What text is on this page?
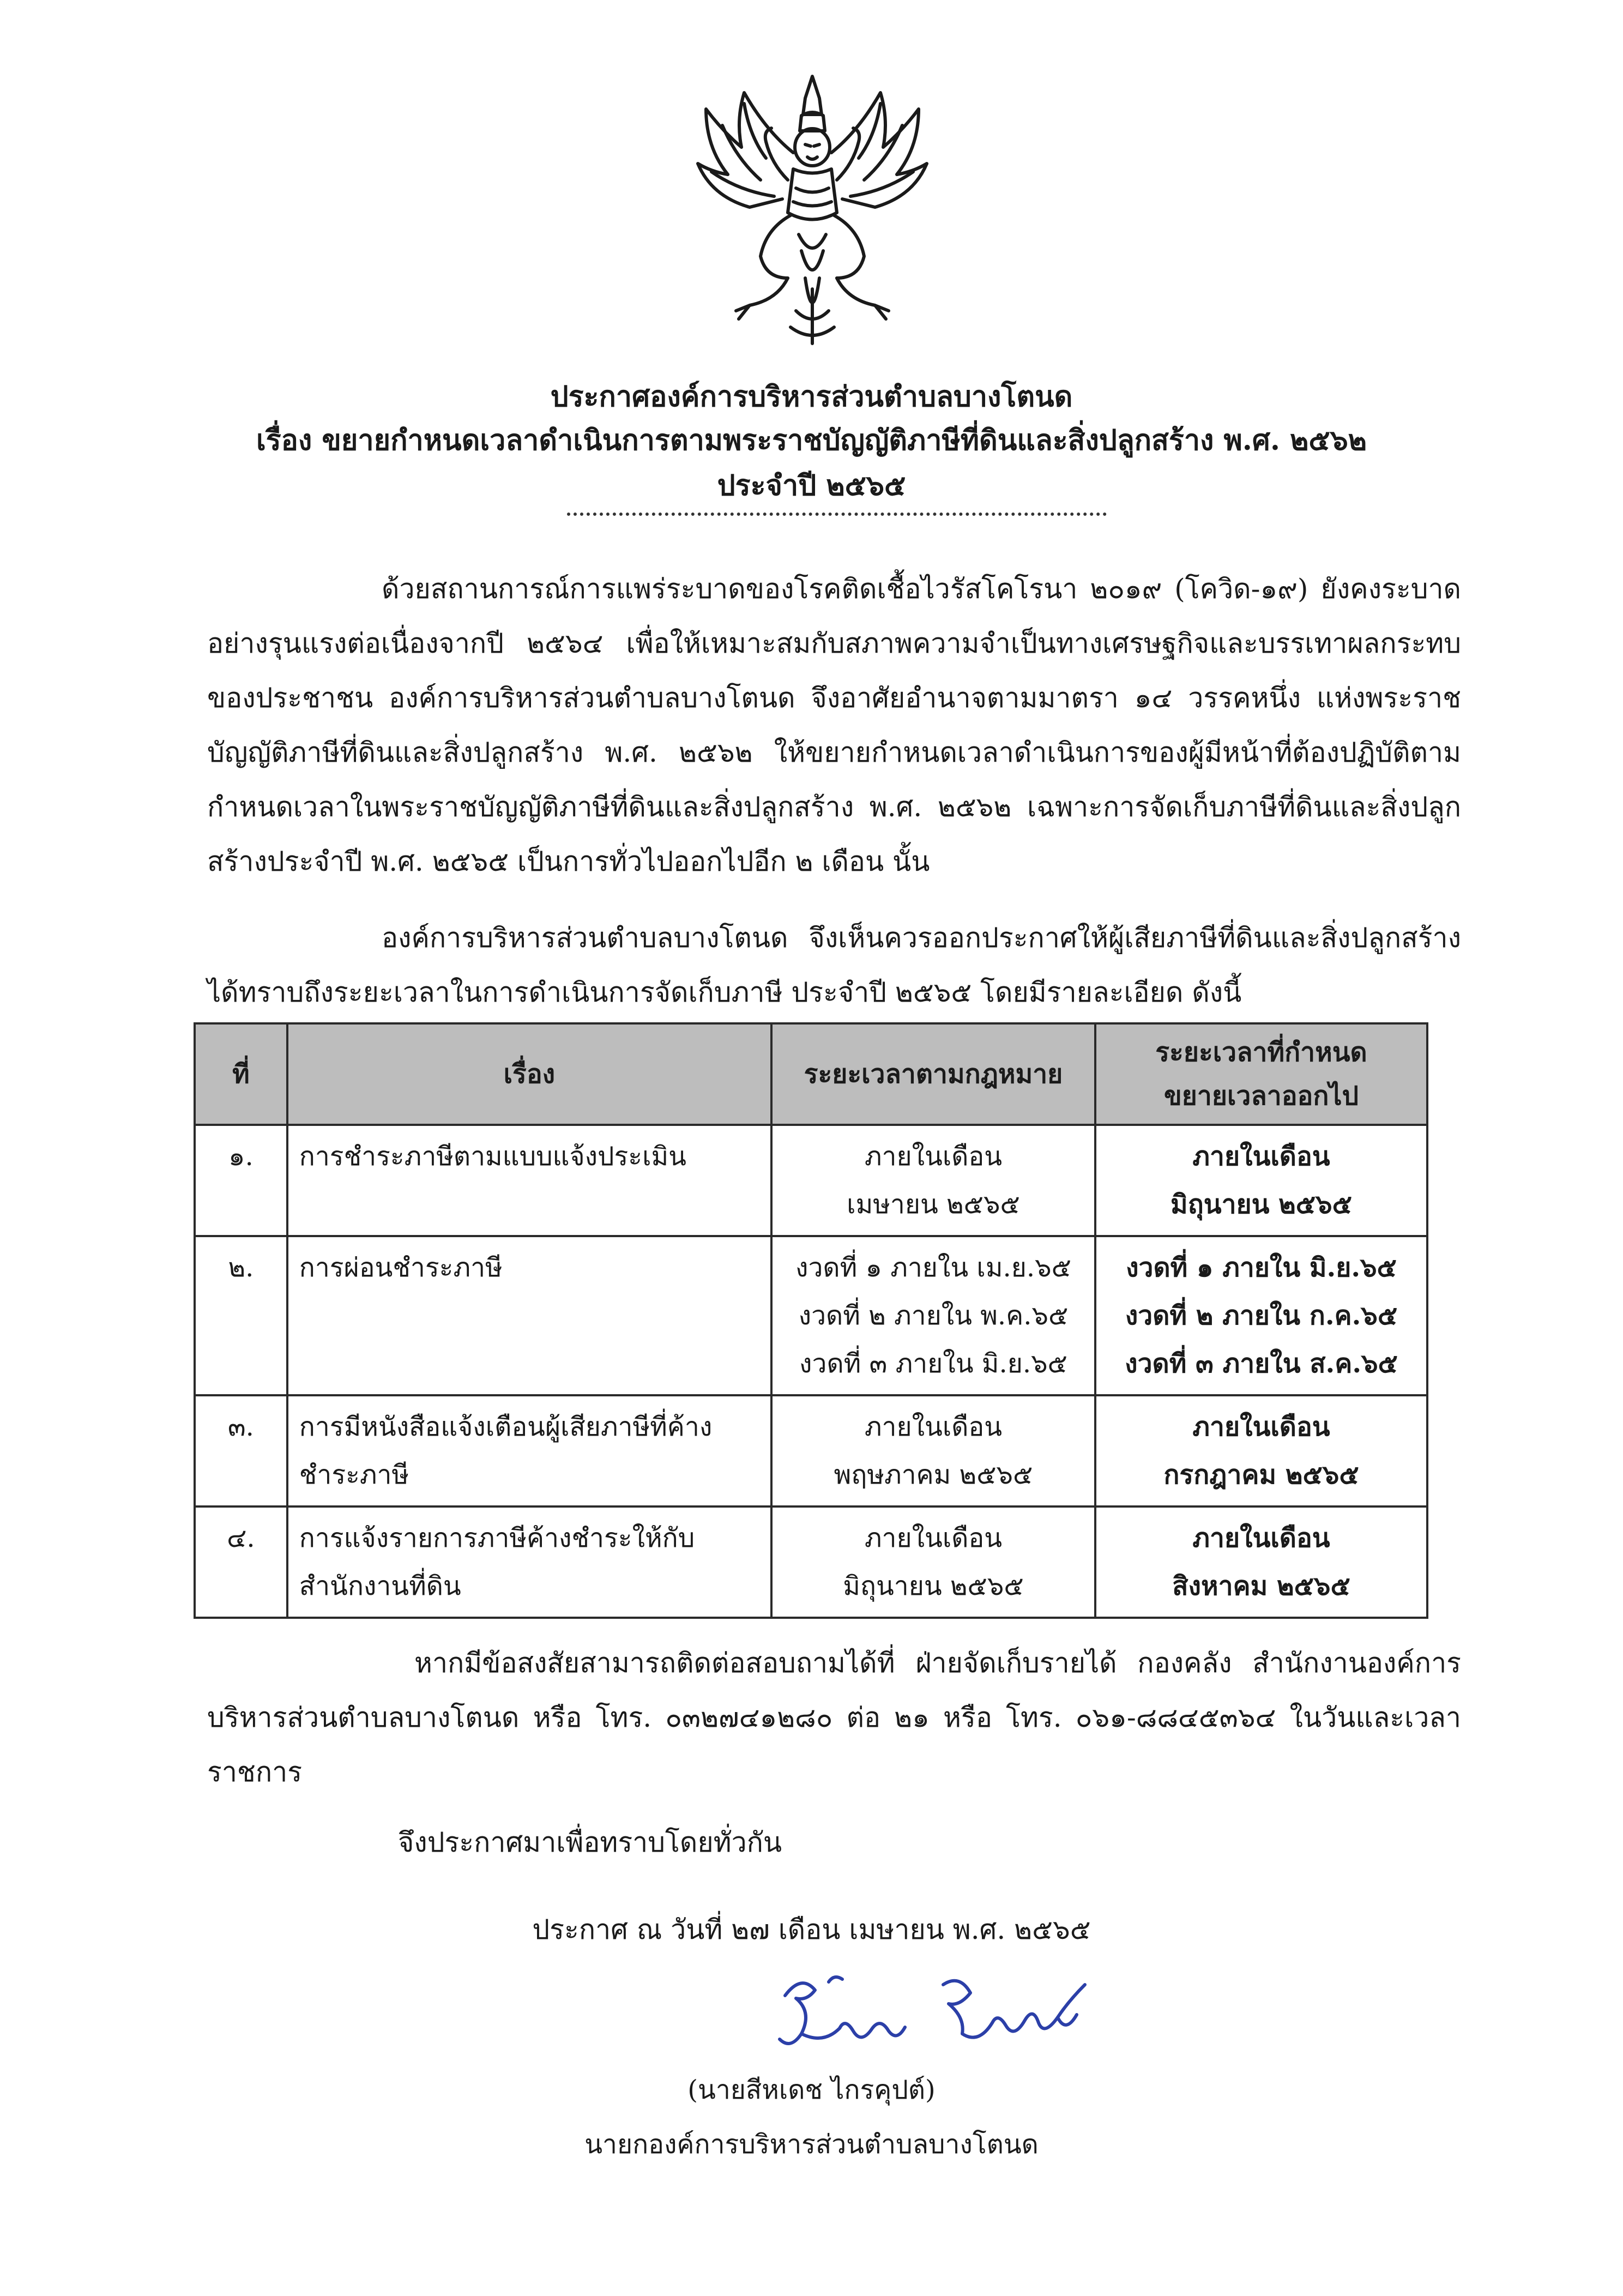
ประกาศองค์การบริหารส่วนตำบลบางโตนด
เรื่อง ขยายกำหนดเวลาดำเนินการตามพระราชบัญญัติภาษีที่ดินและสิ่งปลูกสร้าง พ.ศ. ๒๕๖๒
ประจำปี ๒๕๖๕
ด้วยสถานการณ์การแพร่ระบาดของโรคติดเชื้อไวรัสโคโรนา ๒๐๑๙ (โควิด-๑๙) ยังคงระบาดอย่างรุนแรงต่อเนื่องจากปี ๒๕๖๔ เพื่อให้เหมาะสมกับสภาพความจำเป็นทางเศรษฐกิจและบรรเทาผลกระทบของประชาชน องค์การบริหารส่วนตำบลบางโตนด จึงอาศัยอำนาจตามมาตรา ๑๔ วรรคหนึ่ง แห่งพระราชบัญญัติภาษีที่ดินและสิ่งปลูกสร้าง พ.ศ. ๒๕๖๒ ให้ขยายกำหนดเวลาดำเนินการของผู้มีหน้าที่ต้องปฏิบัติตามกำหนดเวลาในพระราชบัญญัติภาษีที่ดินและสิ่งปลูกสร้าง พ.ศ. ๒๕๖๒ เฉพาะการจัดเก็บภาษีที่ดินและสิ่งปลูกสร้างประจำปี พ.ศ. ๒๕๖๕ เป็นการทั่วไปออกไปอีก ๒ เดือน นั้น
องค์การบริหารส่วนตำบลบางโตนด จึงเห็นควรออกประกาศให้ผู้เสียภาษีที่ดินและสิ่งปลูกสร้าง ได้ทราบถึงระยะเวลาในการดำเนินการจัดเก็บภาษี ประจำปี ๒๕๖๕ โดยมีรายละเอียด ดังนี้
ที่	เรื่อง	ระยะเวลาตามกฎหมาย	ระยะเวลาที่กำหนด
ขยายเวลาออกไป

๑.	การชำระภาษีตามแบบแจ้งประเมิน	ภายในเดือน
เมษายน ๒๕๖๕	ภายในเดือน
มิถุนายน ๒๕๖๕

๒.	การผ่อนชำระภาษี	งวดที่ ๑ ภายใน เม.ย.๖๕
งวดที่ ๒ ภายใน พ.ค.๖๕
งวดที่ ๓ ภายใน มิ.ย.๖๕	งวดที่ ๑ ภายใน มิ.ย.๖๕
งวดที่ ๒ ภายใน ก.ค.๖๕
งวดที่ ๓ ภายใน ส.ค.๖๕

๓.	การมีหนังสือแจ้งเตือนผู้เสียภาษีที่ค้าง
ชำระภาษี	ภายในเดือน
พฤษภาคม ๒๕๖๕	ภายในเดือน
กรกฎาคม ๒๕๖๕

๔.	การแจ้งรายการภาษีค้างชำระให้กับ
สำนักงานที่ดิน	ภายในเดือน
มิถุนายน ๒๕๖๕	ภายในเดือน
สิงหาคม ๒๕๖๕
หากมีข้อสงสัยสามารถติดต่อสอบถามได้ที่ ฝ่ายจัดเก็บรายได้ กองคลัง สำนักงานองค์การบริหารส่วนตำบลบางโตนด หรือ โทร. ๐๓๒๗๔๑๒๘๐ ต่อ ๒๑ หรือ โทร. ๐๖๑-๘๘๔๕๓๖๔ ในวันและเวลาราชการ
จึงประกาศมาเพื่อทราบโดยทั่วกัน
ประกาศ ณ วันที่ ๒๗ เดือน เมษายน พ.ศ. ๒๕๖๕
(นายสีหเดช ไกรคุปต์)
นายกองค์การบริหารส่วนตำบลบางโตนด
